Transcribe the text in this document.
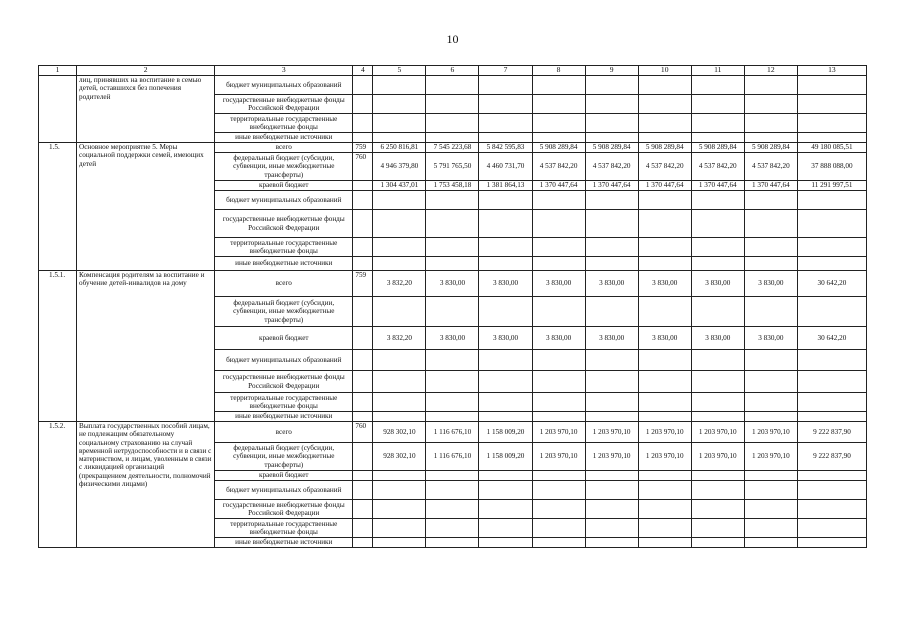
10
1	2	3	4	5	6	7	8	9	10	11	12	13
	лиц, принявших на воспитание в семью детей, оставшихся без попечения родителей	бюджет муниципальных образований										
		государственные внебюджетные фонды Российской Федерации										
		территориальные государственные внебюджетные фонды										
		иные внебюджетные источники										
1.5.	Основное мероприятие 5. Меры социальной поддержки семей, имеющих детей	всего	759	6 250 816,81	7 545 223,68	5 842 595,83	5 908 289,84	5 908 289,84	5 908 289,84	5 908 289,84	5 908 289,84	49 180 085,51
		федеральный бюджет (субсидии, субвенции, иные межбюджетные трансферты)	760	4 946 379,80	5 791 765,50	4 460 731,70	4 537 842,20	4 537 842,20	4 537 842,20	4 537 842,20	4 537 842,20	37 888 088,00
		краевой бюджет		1 304 437,01	1 753 458,18	1 381 864,13	1 370 447,64	1 370 447,64	1 370 447,64	1 370 447,64	1 370 447,64	11 291 997,51
		бюджет муниципальных образований										
		государственные внебюджетные фонды Российской Федерации										
		территориальные государственные внебюджетные фонды										
		иные внебюджетные источники										
1.5.1.	Компенсация родителям за воспитание и обучение детей-инвалидов на дому	всего	759	3 832,20	3 830,00	3 830,00	3 830,00	3 830,00	3 830,00	3 830,00	3 830,00	30 642,20
		федеральный бюджет (субсидии, субвенции, иные межбюджетные трансферты)										
		краевой бюджет		3 832,20	3 830,00	3 830,00	3 830,00	3 830,00	3 830,00	3 830,00	3 830,00	30 642,20
		бюджет муниципальных образований										
		государственные внебюджетные фонды Российской Федерации										
		территориальные государственные внебюджетные фонды										
		иные внебюджетные источники										
1.5.2.	Выплата государственных пособий лицам, не подлежащим обязательному социальному страхованию на случай временной нетрудоспособности и в связи с материнством, и лицам, уволенным в связи с ликвидацией организаций (прекращением деятельности, полномочий физическими лицами)	всего	760	928 302,10	1 116 676,10	1 158 009,20	1 203 970,10	1 203 970,10	1 203 970,10	1 203 970,10	1 203 970,10	9 222 837,90
		федеральный бюджет (субсидии, субвенции, иные межбюджетные трансферты)		928 302,10	1 116 676,10	1 158 009,20	1 203 970,10	1 203 970,10	1 203 970,10	1 203 970,10	1 203 970,10	9 222 837,90
		краевой бюджет										
		бюджет муниципальных образований										
		государственные внебюджетные фонды Российской Федерации										
		территориальные государственные внебюджетные фонды										
		иные внебюджетные источники										
